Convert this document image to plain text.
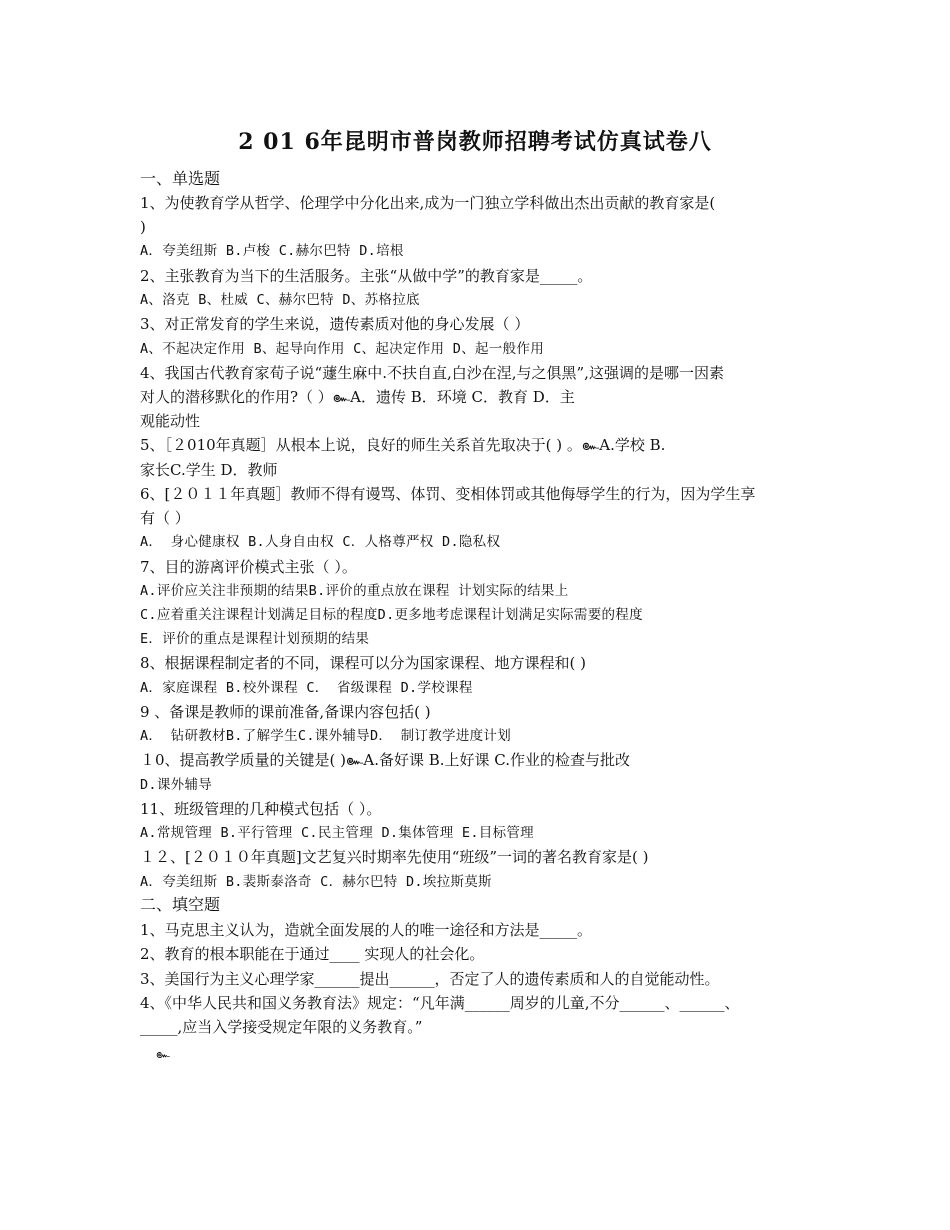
2 01 6年昆明市普岗教师招聘考试仿真试卷八
一、单选题
1、为使教育学从哲学、伦理学中分化出来,成为一门独立学科做出杰出贡献的教育家是(
)
A．夸美纽斯 B.卢梭 C.赫尔巴特 D.培根
2、主张教育为当下的生活服务。主张“从做中学”的教育家是_____。
A、洛克 B、杜威 C、赫尔巴特 D、苏格拉底
3、对正常发育的学生来说，遗传素质对他的身心发展（ ）
A、不起决定作用 B、起导向作用 C、起决定作用 D、起一般作用
4、我国古代教育家荀子说“蘧生麻中.不扶自直,白沙在涅,与之俱黑”,这强调的是哪一因素
对人的潜移默化的作用?（ ）๛A．遗传 B．环境 C．教育 D．主
观能动性
5、［２010年真题］从根本上说，良好的师生关系首先取决于( ) 。๛A.学校 B.
家长C.学生 D．教师
6、[２０１１年真题］教师不得有谩骂、体罚、变相体罚或其他侮辱学生的行为，因为学生享
有（ ）
A． 身心健康权 B.人身自由权 C．人格尊严权 D.隐私权
7、目的游离评价模式主张（ ）。
A.评价应关注非预期的结果B.评价的重点放在课程 计划实际的结果上
C.应着重关注课程计划满足目标的程度D.更多地考虑课程计划满足实际需要的程度
E．评价的重点是课程计划预期的结果
8、根据课程制定者的不同，课程可以分为国家课程、地方课程和( )
A．家庭课程 B.校外课程 C． 省级课程 D.学校课程
9 、备课是教师的课前准备,备课内容包括( )
A． 钻研教材B.了解学生C.课外辅导D． 制订教学进度计划
１0、提高教学质量的关键是( )๛A.备好课 B.上好课 C.作业的检查与批改
D.课外辅导
11、班级管理的几种模式包括（ ）。
A.常规管理 B.平行管理 C.民主管理 D.集体管理 E.目标管理
１２、[２０１０年真题]文艺复兴时期率先使用“班级”一词的著名教育家是( )
A．夸美纽斯 B.裴斯泰洛奇 C．赫尔巴特 D.埃拉斯莫斯
二、填空题
1、马克思主义认为，造就全面发展的人的唯一途径和方法是_____。
2、教育的根本职能在于通过____ 实现人的社会化。
3、美国行为主义心理学家______提出______，否定了人的遗传素质和人的自觉能动性。
4、《中华人民共和国义务教育法》规定：“凡年满______周岁的儿童,不分______、______、
_____,应当入学接受规定年限的义务教育。”
๛
